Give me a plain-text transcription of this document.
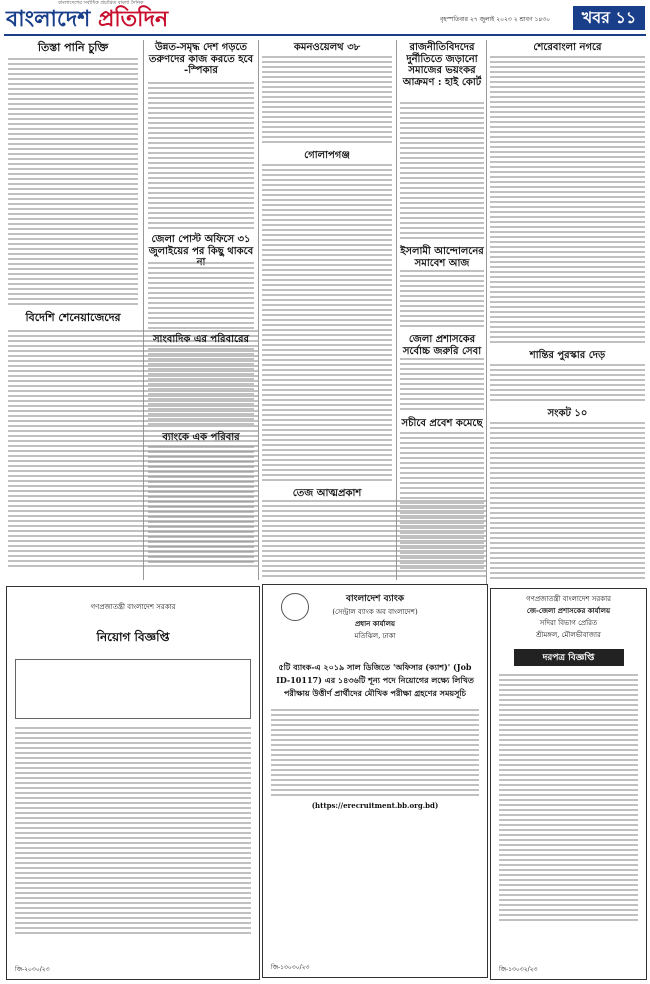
বাংলাদেশের সর্বাধিক প্রচারিত বাংলা দৈনিক
বাংলাদেশ প্রতিদিন	বৃহস্পতিবার ২৭ জুলাই ২০২৩ ২ শ্রাবণ ১৪৩০	খবর ১১
তিস্তা পানি চুক্তি
বিদেশি শেনেয়াজেদের
উন্নত-সমৃদ্ধ দেশ গড়তে তরুণদের কাজ করতে হবে -স্পিকার
জেলা পোস্ট অফিসে ৩১ জুলাইয়ের পর কিছু থাকবে
সাংবাদিক এর পরিবারের
ব্যাংকে এক পরিবার
কমনওয়েলথ ৩৮
গোলাপগঞ্জ
তেজ আত্মপ্রকাশ
রাজনীতিবিদদের দুর্নীতিতে জড়ানো সমাজের ভয়ংকর আক্রমণ : হাই কোর্ট
ইসলামী আন্দোলনের সমাবেশ আজ
জেলা প্রশাসকের সর্বোচ্চ জরুরি সেবা
সচীবে প্রবেশ কমেছে
শেরেবাংলা নগরে
শান্তির পুরস্কার দেড়
সংকট ১০
গণপ্রজাতন্ত্রী বাংলাদেশ সরকার
নিয়োগ বিজ্ঞপ্তি
জি-২০৩০/২৩
বাংলাদেশ ব্যাংক
(সেন্ট্রাল ব্যাংক অব বাংলাদেশ)
প্রধান কার্যালয়
মতিঝিল, ঢাকা
৫টি ব্যাংক-এ ২০১৯ সাল ডিজিতে 'অফিসার (ক্যাশ)' (Job ID-10117) এর ১৪৩৬টি শূন্য পদে নিয়োগের লক্ষ্যে লিখিত পরীক্ষায় উত্তীর্ণ প্রার্থীদের মৌখিক পরীক্ষা গ্রহণের সময়সূচি
(https://erecruitment.bb.org.bd)
জি-১৩০৩০/২৩
গণপ্রজাতন্ত্রী বাংলাদেশ সরকার
জে-জেলা প্রশাসকের কার্যালয়
সদিরা বিভাগ প্রেরিত
শ্রীমঙ্গল, মৌলভীবাজার
দরপত্র বিজ্ঞপ্তি
জি-১৩০৩২/২৩
